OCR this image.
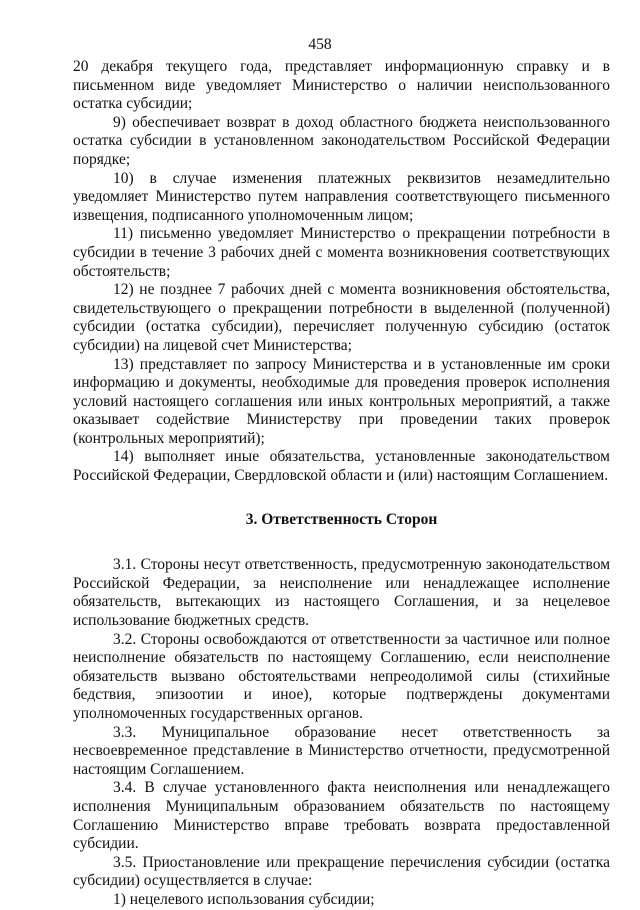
458

20 декабря текущего года, представляет информационную справку и в письменном виде уведомляет Министерство о наличии неиспользованного остатка субсидии;

9) обеспечивает возврат в доход областного бюджета неиспользованного остатка субсидии в установленном законодательством Российской Федерации порядке;

10) в случае изменения платежных реквизитов незамедлительно уведомляет Министерство путем направления соответствующего письменного извещения, подписанного уполномоченным лицом;

11) письменно уведомляет Министерство о прекращении потребности в субсидии в течение 3 рабочих дней с момента возникновения соответствующих обстоятельств;

12) не позднее 7 рабочих дней с момента возникновения обстоятельства, свидетельствующего о прекращении потребности в выделенной (полученной) субсидии (остатка субсидии), перечисляет полученную субсидию (остаток субсидии) на лицевой счет Министерства;

13) представляет по запросу Министерства и в установленные им сроки информацию и документы, необходимые для проведения проверок исполнения условий настоящего соглашения или иных контрольных мероприятий, а также оказывает содействие Министерству при проведении таких проверок (контрольных мероприятий);

14) выполняет иные обязательства, установленные законодательством Российской Федерации, Свердловской области и (или) настоящим Соглашением.

3. Ответственность Сторон

3.1. Стороны несут ответственность, предусмотренную законодательством Российской Федерации, за неисполнение или ненадлежащее исполнение обязательств, вытекающих из настоящего Соглашения, и за нецелевое использование бюджетных средств.

3.2. Стороны освобождаются от ответственности за частичное или полное неисполнение обязательств по настоящему Соглашению, если неисполнение обязательств вызвано обстоятельствами непреодолимой силы (стихийные бедствия, эпизоотии и иное), которые подтверждены документами уполномоченных государственных органов.

3.3. Муниципальное образование несет ответственность за несвоевременное представление в Министерство отчетности, предусмотренной настоящим Соглашением.

3.4. В случае установленного факта неисполнения или ненадлежащего исполнения Муниципальным образованием обязательств по настоящему Соглашению Министерство вправе требовать возврата предоставленной субсидии.

3.5. Приостановление или прекращение перечисления субсидии (остатка субсидии) осуществляется в случае:

1) нецелевого использования субсидии;
